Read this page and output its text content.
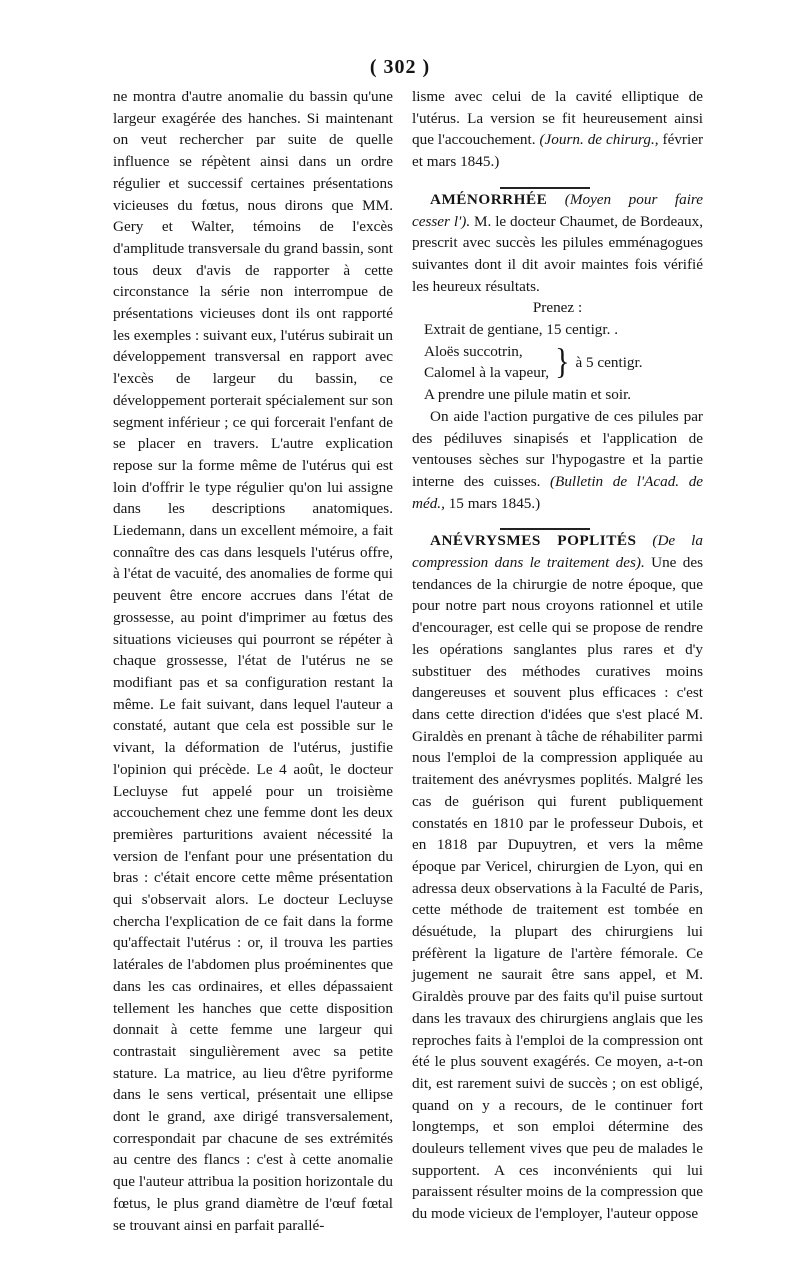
( 302 )

ne montra d'autre anomalie du bassin qu'une largeur exagérée des hanches. Si maintenant on veut rechercher par suite de quelle influence se répètent ainsi dans un ordre régulier et successif certaines présentations vicieuses du fœtus, nous dirons que MM. Gery et Walter, témoins de l'excès d'amplitude transversale du grand bassin, sont tous deux d'avis de rapporter à cette circonstance la série non interrompue de présentations vicieuses dont ils ont rapporté les exemples : suivant eux, l'utérus subirait un développement transversal en rapport avec l'excès de largeur du bassin, ce développement porterait spécialement sur son segment inférieur ; ce qui forcerait l'enfant de se placer en travers. L'autre explication repose sur la forme même de l'utérus qui est loin d'offrir le type régulier qu'on lui assigne dans les descriptions anatomiques. Liedemann, dans un excellent mémoire, a fait connaître des cas dans lesquels l'utérus offre, à l'état de vacuité, des anomalies de forme qui peuvent être encore accrues dans l'état de grossesse, au point d'imprimer au fœtus des situations vicieuses qui pourront se répéter à chaque grossesse, l'état de l'utérus ne se modifiant pas et sa configuration restant la même. Le fait suivant, dans lequel l'auteur a constaté, autant que cela est possible sur le vivant, la déformation de l'utérus, justifie l'opinion qui précède. Le 4 août, le docteur Lecluyse fut appelé pour un troisième accouchement chez une femme dont les deux premières parturitions avaient nécessité la version de l'enfant pour une présentation du bras : c'était encore cette même présentation qui s'observait alors. Le docteur Lecluyse chercha l'explication de ce fait dans la forme qu'affectait l'utérus : or, il trouva les parties latérales de l'abdomen plus proéminentes que dans les cas ordinaires, et elles dépassaient tellement les hanches que cette disposition donnait à cette femme une largeur qui contrastait singulièrement avec sa petite stature. La matrice, au lieu d'être pyriforme dans le sens vertical, présentait une ellipse dont le grand, axe dirigé transversalement, correspondait par chacune de ses extrémités au centre des flancs : c'est à cette anomalie que l'auteur attribua la position horizontale du fœtus, le plus grand diamètre de l'œuf fœtal se trouvant ainsi en parfait parallé-

lisme avec celui de la cavité elliptique de l'utérus. La version se fit heureusement ainsi que l'accouchement. (Journ. de chirurg., février et mars 1845.)

AMÉNORRHÉE (Moyen pour faire cesser l'). M. le docteur Chaumet, de Bordeaux, prescrit avec succès les pilules emménagogues suivantes dont il dit avoir maintes fois vérifié les heureux résultats.

Prenez :

Extrait de gentiane, 15 centigr. .

Aloës succotrin,
Calomel à la vapeur, } à 5 centigr.

A prendre une pilule matin et soir.

On aide l'action purgative de ces pilules par des pédiluves sinapisés et l'application de ventouses sèches sur l'hypogastre et la partie interne des cuisses. (Bulletin de l'Acad. de méd., 15 mars 1845.)

ANÉVRYSMES POPLITÉS (De la compression dans le traitement des). Une des tendances de la chirurgie de notre époque, que pour notre part nous croyons rationnel et utile d'encourager, est celle qui se propose de rendre les opérations sanglantes plus rares et d'y substituer des méthodes curatives moins dangereuses et souvent plus efficaces : c'est dans cette direction d'idées que s'est placé M. Giraldès en prenant à tâche de réhabiliter parmi nous l'emploi de la compression appliquée au traitement des anévrysmes poplités. Malgré les cas de guérison qui furent publiquement constatés en 1810 par le professeur Dubois, et en 1818 par Dupuytren, et vers la même époque par Vericel, chirurgien de Lyon, qui en adressa deux observations à la Faculté de Paris, cette méthode de traitement est tombée en désuétude, la plupart des chirurgiens lui préfèrent la ligature de l'artère fémorale. Ce jugement ne saurait être sans appel, et M. Giraldès prouve par des faits qu'il puise surtout dans les travaux des chirurgiens anglais que les reproches faits à l'emploi de la compression ont été le plus souvent exagérés. Ce moyen, a-t-on dit, est rarement suivi de succès ; on est obligé, quand on y a recours, de le continuer fort longtemps, et son emploi détermine des douleurs tellement vives que peu de malades le supportent. A ces inconvénients qui lui paraissent résulter moins de la compression que du mode vicieux de l'employer, l'auteur oppose
